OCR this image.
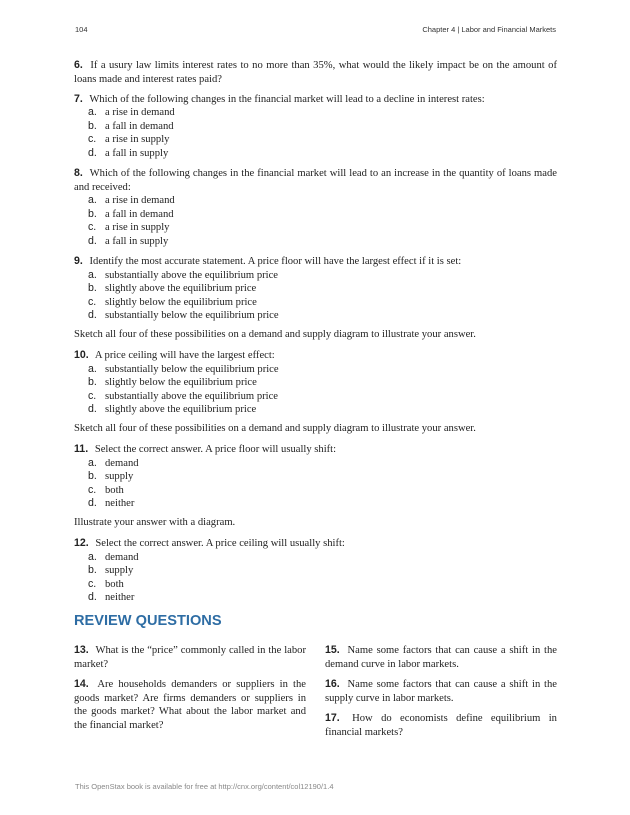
104	Chapter 4 | Labor and Financial Markets
6. If a usury law limits interest rates to no more than 35%, what would the likely impact be on the amount of loans made and interest rates paid?
7. Which of the following changes in the financial market will lead to a decline in interest rates:
a. a rise in demand
b. a fall in demand
c. a rise in supply
d. a fall in supply
8. Which of the following changes in the financial market will lead to an increase in the quantity of loans made and received:
a. a rise in demand
b. a fall in demand
c. a rise in supply
d. a fall in supply
9. Identify the most accurate statement. A price floor will have the largest effect if it is set:
a. substantially above the equilibrium price
b. slightly above the equilibrium price
c. slightly below the equilibrium price
d. substantially below the equilibrium price
Sketch all four of these possibilities on a demand and supply diagram to illustrate your answer.
10. A price ceiling will have the largest effect:
a. substantially below the equilibrium price
b. slightly below the equilibrium price
c. substantially above the equilibrium price
d. slightly above the equilibrium price
Sketch all four of these possibilities on a demand and supply diagram to illustrate your answer.
11. Select the correct answer. A price floor will usually shift:
a. demand
b. supply
c. both
d. neither
Illustrate your answer with a diagram.
12. Select the correct answer. A price ceiling will usually shift:
a. demand
b. supply
c. both
d. neither
REVIEW QUESTIONS
13. What is the “price” commonly called in the labor market?
14. Are households demanders or suppliers in the goods market? Are firms demanders or suppliers in the goods market? What about the labor market and the financial market?
15. Name some factors that can cause a shift in the demand curve in labor markets.
16. Name some factors that can cause a shift in the supply curve in labor markets.
17. How do economists define equilibrium in financial markets?
This OpenStax book is available for free at http://cnx.org/content/col12190/1.4
